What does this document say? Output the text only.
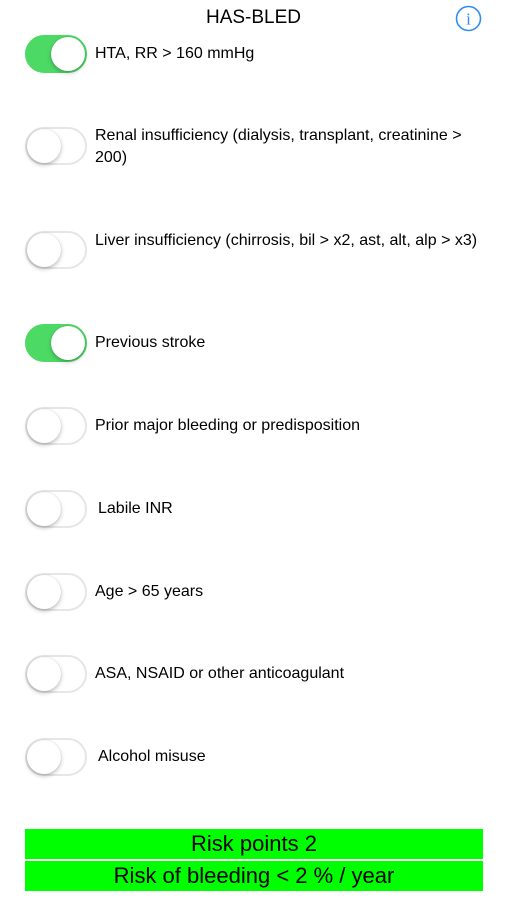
HAS-BLED	i
HTA, RR > 160 mmHg
Renal insufficiency (dialysis, transplant, creatinine > 200)
Liver insufficiency (chirrosis, bil > x2, ast, alt, alp > x3)
Previous stroke
Prior major bleeding or predisposition
Labile INR
Age > 65 years
ASA, NSAID or other anticoagulant
Alcohol misuse
Risk points 2
Risk of bleeding < 2 % / year
